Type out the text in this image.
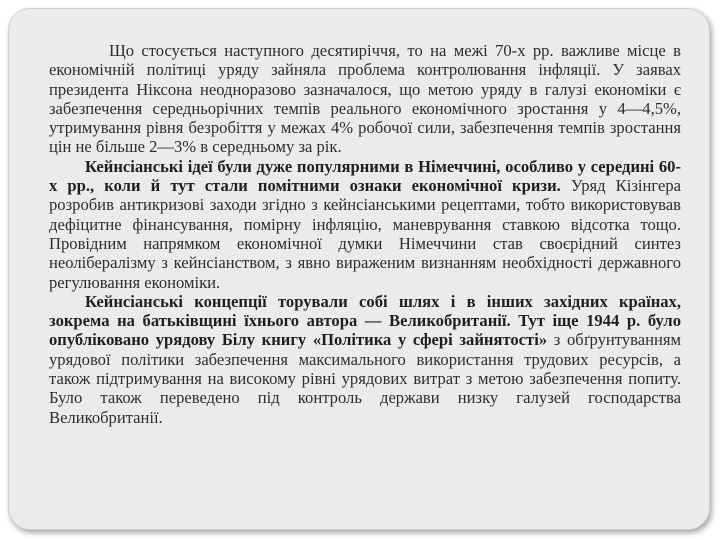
Що стосується наступного десятиріччя, то на межі 70-х рр. важливе місце в економічній політиці уряду зайняла проблема контролювання інфляції. У заявах президента Ніксона неодноразово зазначалося, що метою уряду в галузі економіки є забезпечення середньорічних темпів реального економічного зростання у 4—4,5%, утримування рівня безробіття у межах 4% робочої сили, забезпечення темпів зростання цін не більше 2—3% в середньому за рік.

Кейнсіанські ідеї були дуже популярними в Німеччині, особливо у середині 60-х рр., коли й тут стали помітними ознаки економічної кризи. Уряд Кізінгера розробив антикризові заходи згідно з кейнсіанськими рецептами, тобто використовував дефіцитне фінансування, помірну інфляцію, маневрування ставкою відсотка тощо. Провідним напрямком економічної думки Німеччини став своєрідний синтез неолібералізму з кейнсіанством, з явно вираженим визнанням необхідності державного регулювання економіки.

Кейнсіанські концепції торували собі шлях і в інших західних країнах, зокрема на батьківщині їхнього автора — Великобританії. Тут іще 1944 р. було опубліковано урядову Білу книгу «Політика у сфері зайнятості» з обґрунтуванням урядової політики забезпечення максимального використання трудових ресурсів, а також підтримування на високому рівні урядових витрат з метою забезпечення попиту. Було також переведено під контроль держави низку галузей господарства Великобританії.
